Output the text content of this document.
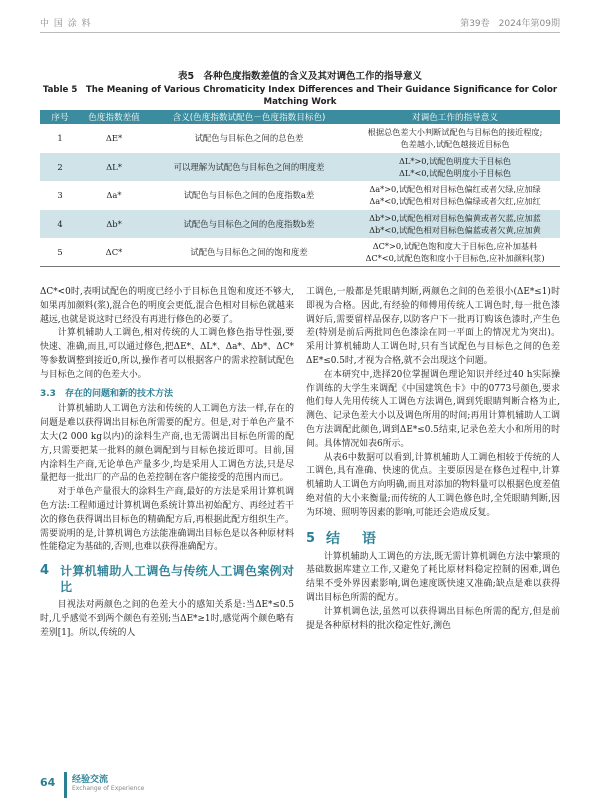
中 国 涂 料	第39卷　2024年第09期
表5　各种色度指数差值的含义及其对调色工作的指导意义
Table 5　The Meaning of Various Chromaticity Index Differences and Their Guidance Significance for Color Matching Work
序号	色度指数差值	含义(色度指数试配色－色度指数目标色)	对调色工作的指导意义
1	ΔE*	试配色与目标色之间的总色差	根据总色差大小判断试配色与目标色的接近程度;
色差越小,试配色越接近目标色

2	ΔL*	可以理解为试配色与目标色之间的明度差	ΔL*>0,试配色明度大于目标色
ΔL*<0,试配色明度小于目标色

3	Δa*	试配色与目标色之间的色度指数a差	Δa*>0,试配色相对目标色偏红或者欠绿,应加绿
Δa*<0,试配色相对目标色偏绿或者欠红,应加红

4	Δb*	试配色与目标色之间的色度指数b差	Δb*>0,试配色相对目标色偏黄或者欠蓝,应加蓝
Δb*<0,试配色相对目标色偏蓝或者欠黄,应加黄

5	ΔC*	试配色与目标色之间的饱和度差	ΔC*>0,试配色饱和度大于目标色,应补加基料
ΔC*<0,试配色饱和度小于目标色,应补加颜料(浆)

ΔC*<0时,表明试配色的明度已经小于目标色且饱和度还不够大,如果再加颜料(浆),混合色的明度会更低,混合色相对目标色就越来越远,也就是说这时已经没有再进行修色的必要了。

计算机辅助人工调色,相对传统的人工调色修色指导性强,要快速、准确,而且,可以通过修色,把ΔE*、ΔL*、Δa*、Δb*、ΔC*等参数调整到接近0,所以,操作者可以根据客户的需求控制试配色与目标色之间的色差大小。

3.3　存在的问题和新的技术方法

计算机辅助人工调色方法和传统的人工调色方法一样,存在的问题是难以获得调出目标色所需要的配方。但是,对于单色产量不太大(2 000 kg以内)的涂料生产商,也无需调出目标色所需的配方,只需要把某一批料的颜色调配到与目标色接近即可。目前,国内涂料生产商,无论单色产量多少,均是采用人工调色方法,只是尽量把每一批出厂的产品的色差控制在客户能接受的范围内而已。

对于单色产量很大的涂料生产商,最好的方法是采用计算机调色方法:工程师通过计算机调色系统计算出初始配方、再经过若干次的修色获得调出目标色的精确配方后,再根据此配方组织生产。需要说明的是,计算机调色方法能准确调出目标色是以各种原材料性能稳定为基础的,否则,也难以获得准确配方。

4 计算机辅助人工调色与传统人工调色案例对比

目视法对两颜色之间的色差大小的感知关系是:当ΔE*≤0.5时,几乎感觉不到两个颜色有差别;当ΔE*≥1时,感觉两个颜色略有差别[1]。所以,传统的人

工调色,一般都是凭眼睛判断,两颜色之间的色差很小(ΔE*≤1)时即视为合格。因此,有经验的师傅用传统人工调色时,每一批色漆调好后,需要留样品保存,以防客户下一批再订购该色漆时,产生色差(特别是前后两批同色色漆涂在同一平面上的情况尤为突出)。采用计算机辅助人工调色时,只有当试配色与目标色之间的色差ΔE*≤0.5时,才视为合格,就不会出现这个问题。

在本研究中,选择20位掌握调色理论知识并经过40 h实际操作训练的大学生来调配《中国建筑色卡》中的0773号颜色,要求他们每人先用传统人工调色方法调色,调到凭眼睛判断合格为止,测色、记录色差大小以及调色所用的时间;再用计算机辅助人工调色方法调配此颜色,调到ΔE*≤0.5结束,记录色差大小和所用的时间。具体情况如表6所示。

从表6中数据可以看到,计算机辅助人工调色相较于传统的人工调色,具有准确、快速的优点。主要原因是在修色过程中,计算机辅助人工调色方向明确,而且对添加的物料量可以根据色度差值绝对值的大小来衡量;而传统的人工调色修色时,全凭眼睛判断,因为环境、照明等因素的影响,可能还会造成反复。

5 结　语

计算机辅助人工调色的方法,既无需计算机调色方法中繁琐的基础数据库建立工作,又避免了耗比原材料稳定控制的困难,调色结果不受外界因素影响,调色速度既快速又准确;缺点是难以获得调出目标色所需的配方。

计算机调色法,虽然可以获得调出目标色所需的配方,但是前提是各种原材料的批次稳定性好,测色

64 经验交流
Exchange of Experience
